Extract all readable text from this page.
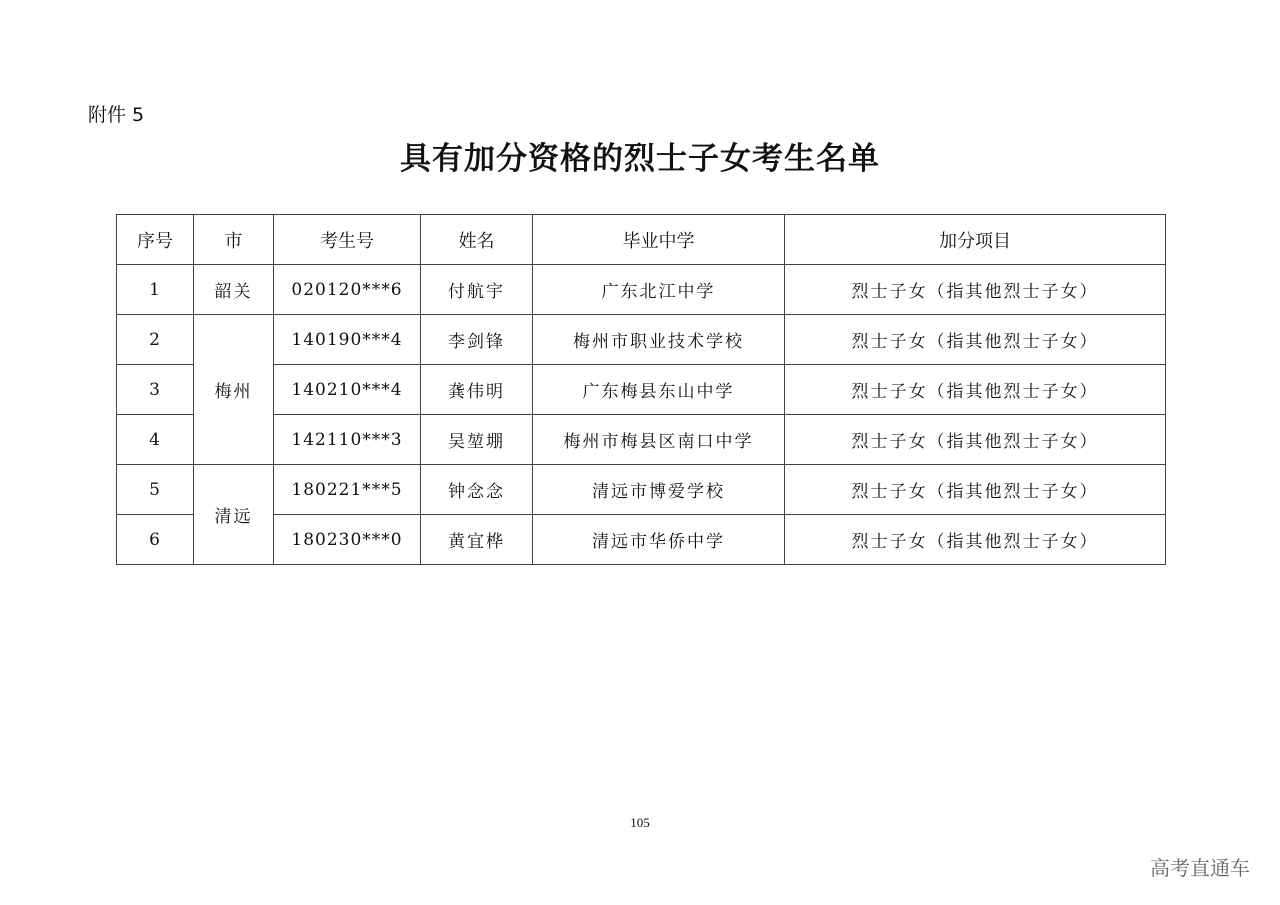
附件 5
具有加分资格的烈士子女考生名单
序号	市	考生号	姓名	毕业中学	加分项目
1	韶关	020120***6	付航宇	广东北江中学	烈士子女（指其他烈士子女）
2	梅州	140190***4	李剑锋	梅州市职业技术学校	烈士子女（指其他烈士子女）
3		140210***4	龚伟明	广东梅县东山中学	烈士子女（指其他烈士子女）
4		142110***3	吴堃堋	梅州市梅县区南口中学	烈士子女（指其他烈士子女）
5	清远	180221***5	钟念念	清远市博爱学校	烈士子女（指其他烈士子女）
6		180230***0	黄宜桦	清远市华侨中学	烈士子女（指其他烈士子女）
105
高考直通车
